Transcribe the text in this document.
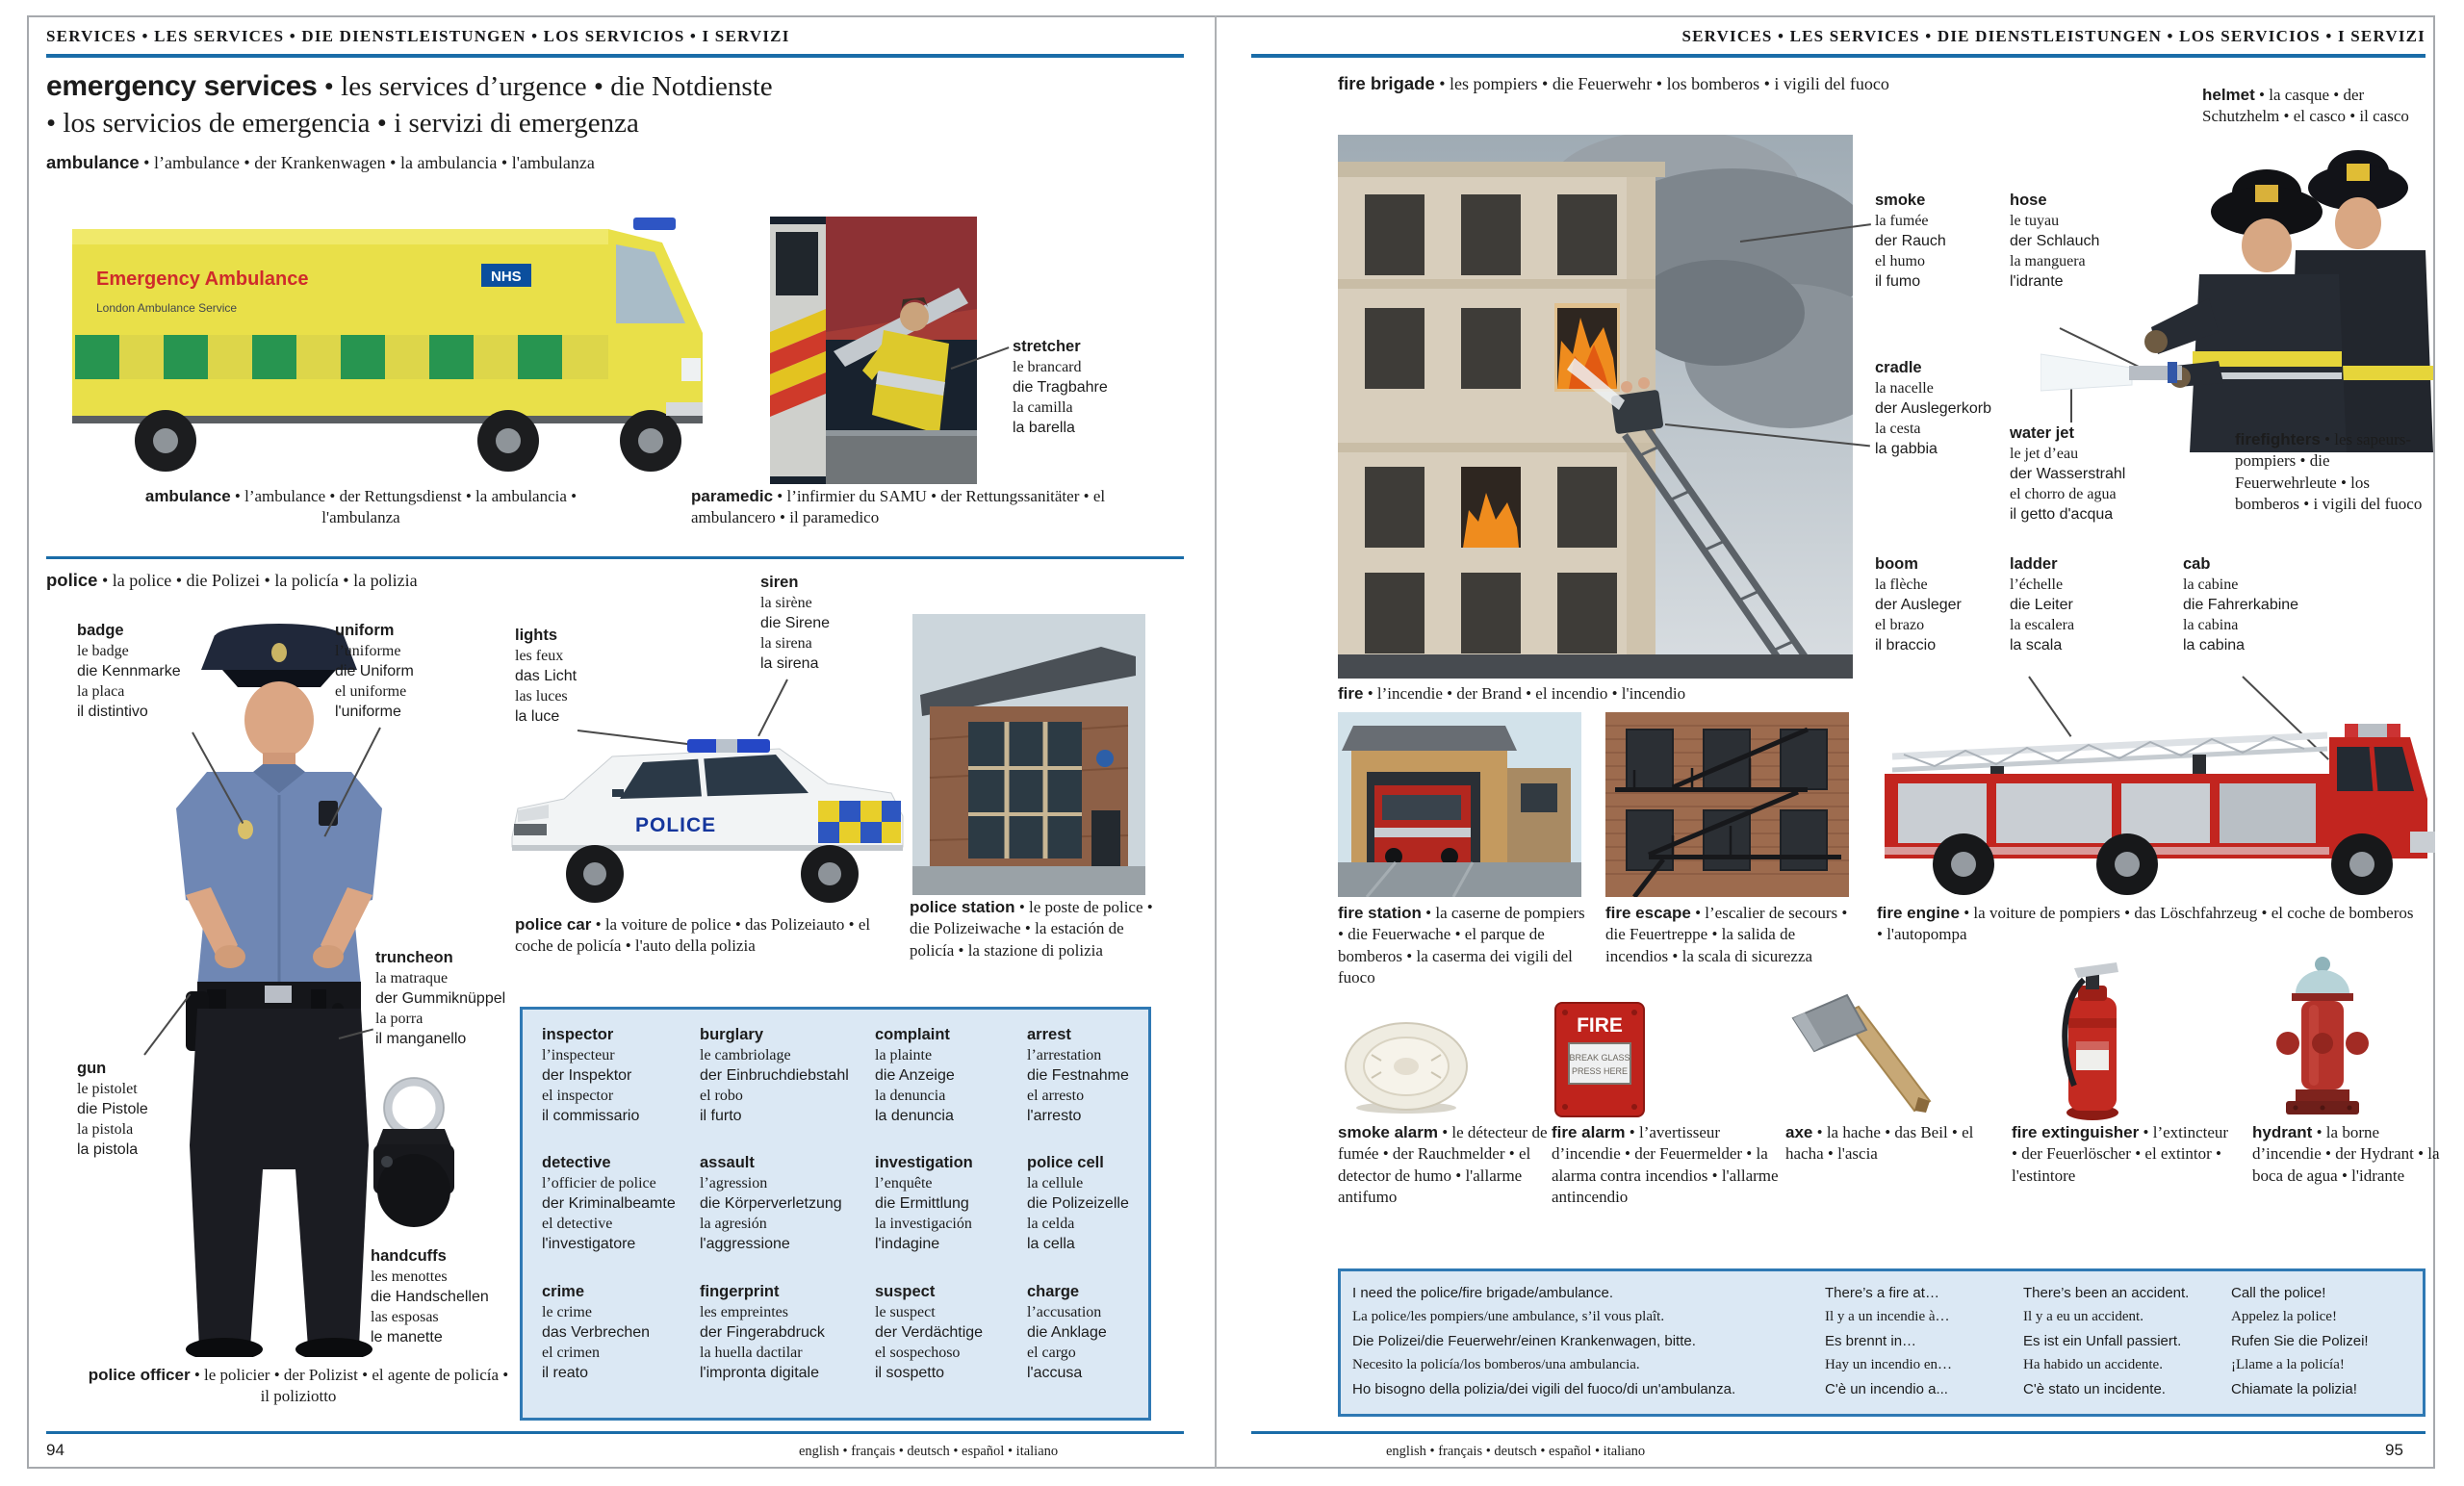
SERVICES • LES SERVICES • DIE DIENSTLEISTUNGEN • LOS SERVICIOS • I SERVIZI
emergency services • les services d’urgence • die Notdienste
• los servicios de emergencia • i servizi di emergenza
ambulance • l’ambulance • der Krankenwagen • la ambulancia • l'ambulanza
Emergency Ambulance
London Ambulance Service
NHS
ambulance • l’ambulance • der Rettungsdienst • la ambulancia • l'ambulanza
stretcher
le brancard
die Tragbahre
la camilla
la barella
paramedic • l’infirmier du SAMU • der Rettungssanitäter • el ambulancero • il paramedico
police • la police • die Polizei • la policía • la polizia
badge
le badge
die Kennmarke
la placa
il distintivo
uniform
l’uniforme
die Uniform
el uniforme
l'uniforme
lights
les feux
das Licht
las luces
la luce
siren
la sirène
die Sirene
la sirena
la sirena
POLICE
police car • la voiture de police • das Polizeiauto • el coche de policía • l'auto della polizia
police station • le poste de police • die Polizeiwache • la estación de policía • la stazione di polizia
truncheon
la matraque
der Gummiknüppel
la porra
il manganello
gun
le pistolet
die Pistole
la pistola
la pistola
handcuffs
les menottes
die Handschellen
las esposas
le manette
police officer • le policier • der Polizist • el agente de policía • il poliziotto
inspector
l’inspecteur
der Inspektor
el inspector
il commissario
burglary
le cambriolage
der Einbruchdiebstahl
el robo
il furto
complaint
la plainte
die Anzeige
la denuncia
la denuncia
arrest
l’arrestation
die Festnahme
el arresto
l'arresto
detective
l’officier de police
der Kriminalbeamte
el detective
l'investigatore
assault
l’agression
die Körperverletzung
la agresión
l'aggressione
investigation
l’enquête
die Ermittlung
la investigación
l'indagine
police cell
la cellule
die Polizeizelle
la celda
la cella
crime
le crime
das Verbrechen
el crimen
il reato
fingerprint
les empreintes
der Fingerabdruck
la huella dactilar
l'impronta digitale
suspect
le suspect
der Verdächtige
el sospechoso
il sospetto
charge
l’accusation
die Anklage
el cargo
l'accusa
94	english • français • deutsch • español • italiano
SERVICES • LES SERVICES • DIE DIENSTLEISTUNGEN • LOS SERVICIOS • I SERVIZI
fire brigade • les pompiers • die Feuerwehr • los bomberos • i vigili del fuoco
helmet • la casque • der Schutzhelm • el casco • il casco
fire • l’incendie • der Brand • el incendio • l'incendio
smoke
la fumée
der Rauch
el humo
il fumo
hose
le tuyau
der Schlauch
la manguera
l'idrante
cradle
la nacelle
der Auslegerkorb
la cesta
la gabbia
water jet
le jet d’eau
der Wasserstrahl
el chorro de agua
il getto d'acqua
firefighters • les sapeurs-pompiers • die Feuerwehrleute • los bomberos • i vigili del fuoco
boom
la flèche
der Ausleger
el brazo
il braccio
ladder
l’échelle
die Leiter
la escalera
la scala
cab
la cabine
die Fahrerkabine
la cabina
la cabina
fire station • la caserne de pompiers • die Feuerwache • el parque de bomberos • la caserma dei vigili del fuoco
fire escape • l’escalier de secours • die Feuertreppe • la salida de incendios • la scala di sicurezza
fire engine • la voiture de pompiers • das Löschfahrzeug • el coche de bomberos • l'autopompa
smoke alarm • le détecteur de fumée • der Rauchmelder • el detector de humo • l'allarme antifumo
FIRE
BREAK GLASS
PRESS HERE
fire alarm • l’avertisseur d’incendie • der Feuermelder • la alarma contra incendios • l'allarme antincendio
axe • la hache • das Beil • el hacha • l'ascia
fire extinguisher • l’extincteur • der Feuerlöscher • el extintor • l'estintore
hydrant • la borne d’incendie • der Hydrant • la boca de agua • l'idrante
I need the police/fire brigade/ambulance.
La police/les pompiers/une ambulance, s’il vous plaît.
Die Polizei/die Feuerwehr/einen Krankenwagen, bitte.
Necesito la policía/los bomberos/una ambulancia.
Ho bisogno della polizia/dei vigili del fuoco/di un'ambulanza.
There’s a fire at…
Il y a un incendie à…
Es brennt in…
Hay un incendio en…
C'è un incendio a...
There’s been an accident.
Il y a eu un accident.
Es ist ein Unfall passiert.
Ha habido un accidente.
C'è stato un incidente.
Call the police!
Appelez la police!
Rufen Sie die Polizei!
¡Llame a la policía!
Chiamate la polizia!
english • français • deutsch • español • italiano	95
